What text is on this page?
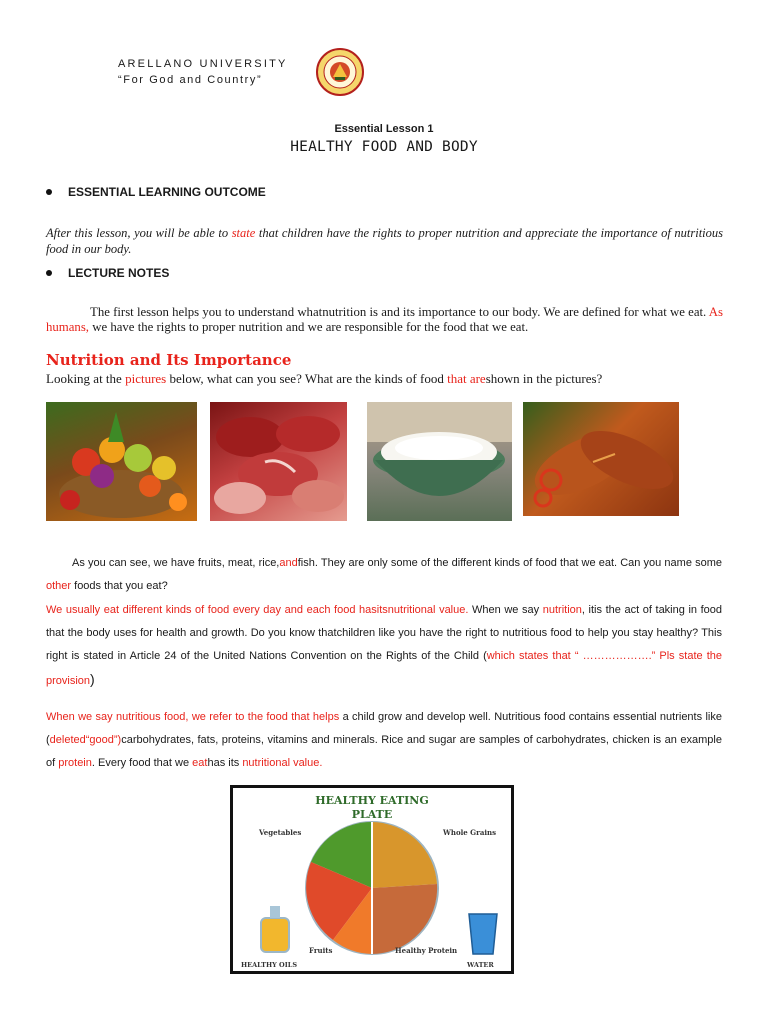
ARELLANO UNIVERSITY
“For God and Country”
Essential Lesson 1
HEALTHY FOOD AND BODY
ESSENTIAL LEARNING OUTCOME
After this lesson, you will be able to state that children have the rights to proper nutrition and appreciate the importance of nutritious food in our body.
LECTURE NOTES
The first lesson helps you to understand whatnutrition is and its importance to our body. We are defined for what we eat. As humans, we have the rights to proper nutrition and we are responsible for the food that we eat.
Nutrition and Its Importance
Looking at the pictures below, what can you see? What are the kinds of food that areshown in the pictures?
As you can see, we have fruits, meat, rice,andfish. They are only some of the different kinds of food that we eat. Can you name some other foods that you eat?
We usually eat different kinds of food every day and each food hasitsnutritional value. When we say nutrition, itis the act of taking in food that the body uses for health and growth. Do you know thatchildren like you have the right to nutritious food to help you stay healthy? This right is stated in Article 24 of the United Nations Convention on the Rights of the Child (which states that “ ……………….” Pls state the provision)
When we say nutritious food, we refer to the food that helps a child grow and develop well. Nutritious food contains essential nutrients like (deleted“good”)carbohydrates, fats, proteins, vitamins and minerals. Rice and sugar are samples of carbohydrates, chicken is an example of protein. Every food that we eathas its nutritional value.
HEALTHY EATING
PLATE
Vegetables	Whole Grains
Fruits	Healthy Protein
HEALTHY OILS	WATER
